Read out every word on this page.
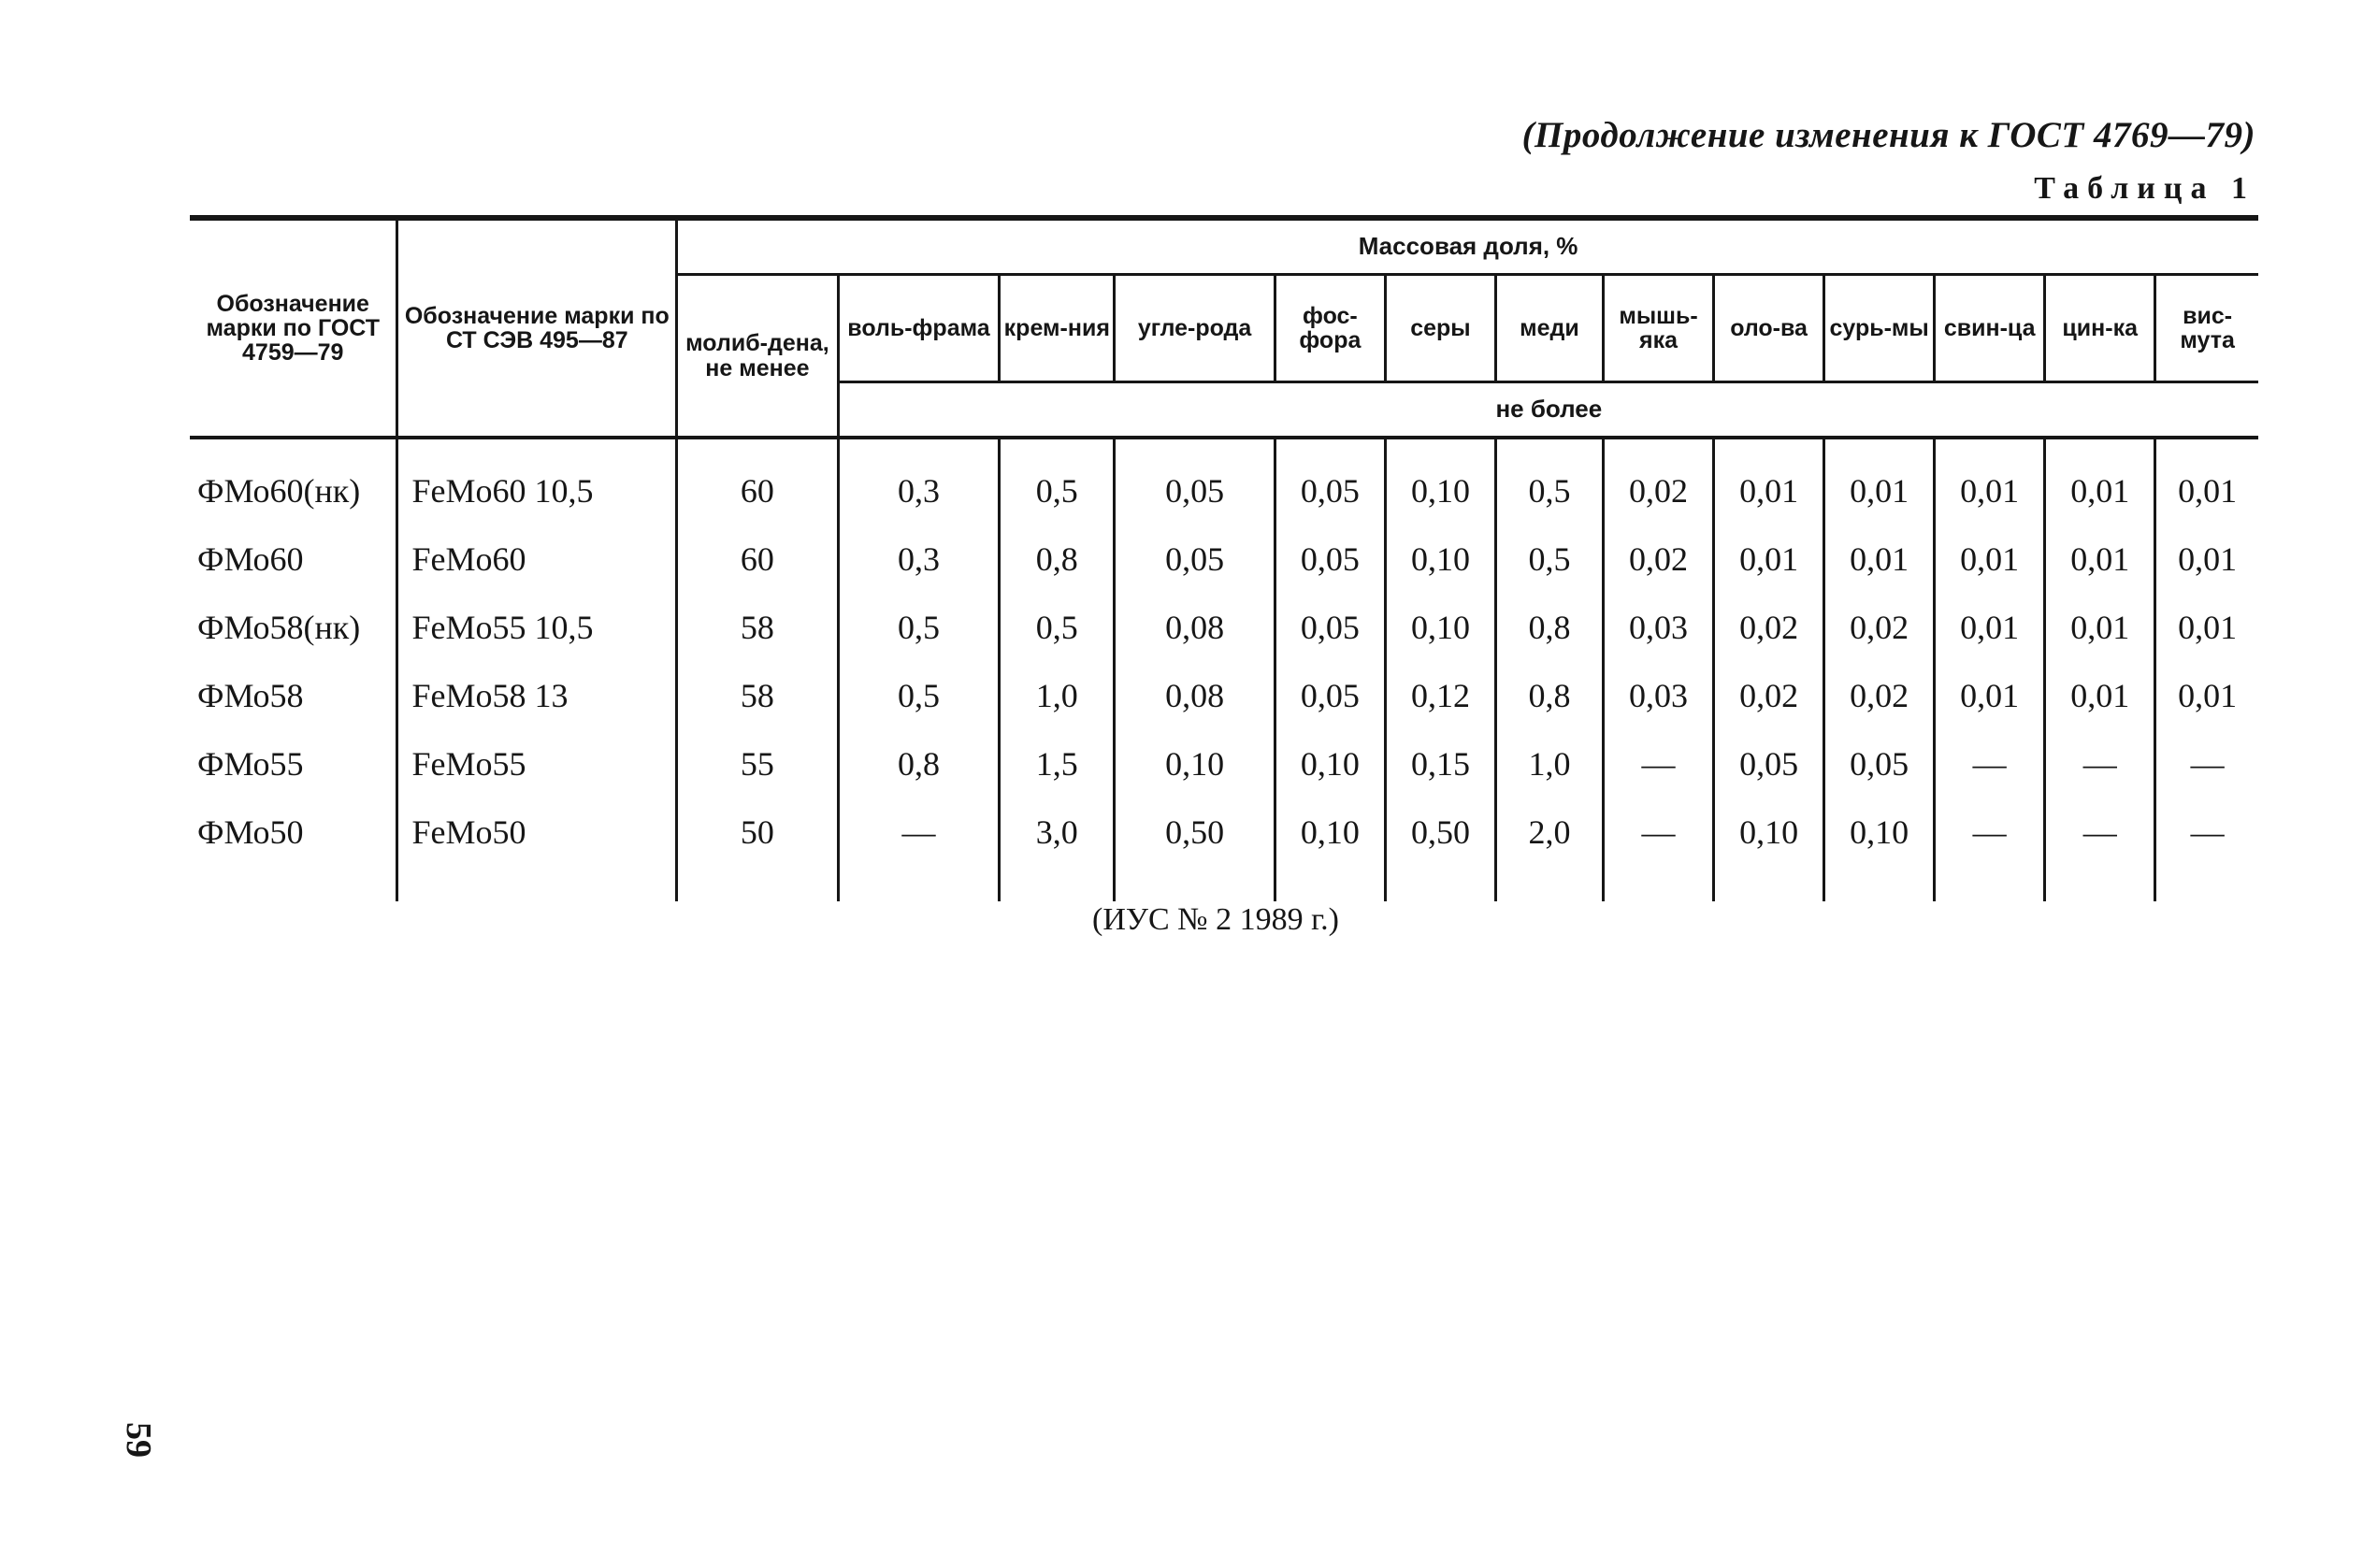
(Продолжение изменения к ГОСТ 4769—79)
Таблица 1
Обозначение марки по ГОСТ 4759—79	Обозначение марки по СТ СЭВ 495—87	Массовая доля, %												
		молиб-дена, не менее	воль-фрама	крем-ния	угле-рода	фос-фора	серы	меди	мышь-яка	оло-ва	сурь-мы	свин-ца	цин-ка	вис-мута
			не более											
ФМо60(нк)	FeMo60 10,5	60	0,3	0,5	0,05	0,05	0,10	0,5	0,02	0,01	0,01	0,01	0,01	0,01
ФМо60	FeMo60	60	0,3	0,8	0,05	0,05	0,10	0,5	0,02	0,01	0,01	0,01	0,01	0,01
ФМо58(нк)	FeMo55 10,5	58	0,5	0,5	0,08	0,05	0,10	0,8	0,03	0,02	0,02	0,01	0,01	0,01
ФМо58	FeMo58 13	58	0,5	1,0	0,08	0,05	0,12	0,8	0,03	0,02	0,02	0,01	0,01	0,01
ФМо55	FeMo55	55	0,8	1,5	0,10	0,10	0,15	1,0	—	0,05	0,05	—	—	—
ФМо50	FeMo50	50	—	3,0	0,50	0,10	0,50	2,0	—	0,10	0,10	—	—	—

(ИУС № 2 1989 г.)
59
